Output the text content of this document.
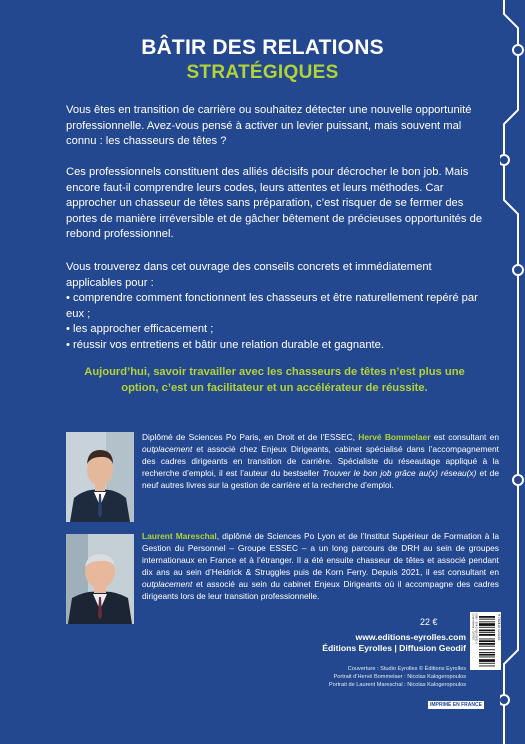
BÂTIR DES RELATIONS
STRATÉGIQUES

Vous êtes en transition de carrière ou souhaitez détecter une nouvelle opportunité professionnelle. Avez-vous pensé à activer un levier puissant, mais souvent mal connu : les chasseurs de têtes ?

Ces professionnels constituent des alliés décisifs pour décrocher le bon job. Mais encore faut-il comprendre leurs codes, leurs attentes et leurs méthodes. Car approcher un chasseur de têtes sans préparation, c’est risquer de se fermer des portes de manière irréversible et de gâcher bêtement de précieuses opportunités de rebond professionnel.

Vous trouverez dans cet ouvrage des conseils concrets et immédiatement applicables pour :
• comprendre comment fonctionnent les chasseurs et être naturellement repéré par eux ;
• les approcher efficacement ;
• réussir vos entretiens et bâtir une relation durable et gagnante.

Aujourd’hui, savoir travailler avec les chasseurs de têtes n’est plus une option, c’est un facilitateur et un accélérateur de réussite.

Diplômé de Sciences Po Paris, en Droit et de l’ESSEC, Hervé Bommelaer est consultant en outplacement et associé chez Enjeux Dirigeants, cabinet spécialisé dans l’accompagnement des cadres dirigeants en transition de carrière. Spécialiste du réseautage appliqué à la recherche d’emploi, il est l’auteur du bestseller Trouver le bon job grâce au(x) réseau(x) et de neuf autres livres sur la gestion de carrière et la recherche d’emploi.

Laurent Mareschal, diplômé de Sciences Po Lyon et de l’Institut Supérieur de Formation à la Gestion du Personnel – Groupe ESSEC – a un long parcours de DRH au sein de groupes internationaux en France et à l’étranger. Il a été ensuite chasseur de têtes et associé pendant dix ans au sein d’Heidrick & Struggles puis de Korn Ferry. Depuis 2021, il est consultant en outplacement et associé au sein du cabinet Enjeux Dirigeants où il accompagne des cadres dirigeants lors de leur transition professionnelle.

22 €
www.editions-eyrolles.com
Éditions Eyrolles | Diffusion Geodif
Code éditeur : G57823 ISBN : 978-2-416-00231-6	9 782416 023163
Couverture : Studio Eyrolles © Éditions Eyrolles
Portrait d’Hervé Bommelaer : Nicolas Kalogeropoulos
Portrait de Laurent Mareschal : Nicolas Kalogeropoulos
IMPRIMÉ EN FRANCE
